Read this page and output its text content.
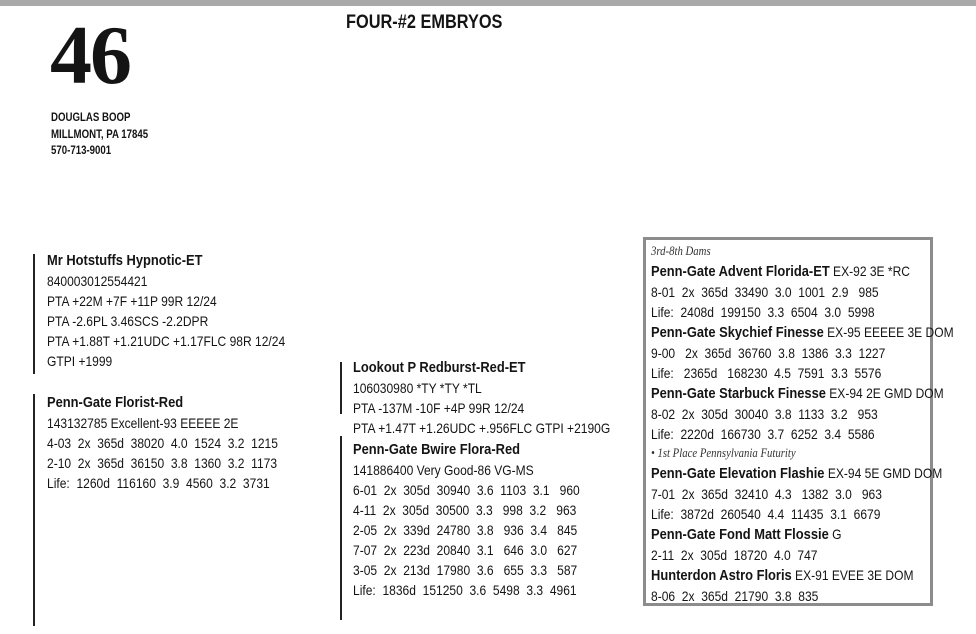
46	FOUR-#2 EMBRYOS
DOUGLAS BOOP
MILLMONT, PA 17845
570-713-9001
Mr Hotstuffs Hypnotic-ET
840003012554421
PTA +22M +7F +11P 99R 12/24
PTA -2.6PL 3.46SCS -2.2DPR
PTA +1.88T +1.21UDC +1.17FLC 98R 12/24
GTPI +1999
Penn-Gate Florist-Red
143132785 Excellent-93 EEEEE 2E
4-03  2x  365d  38020  4.0  1524  3.2  1215
2-10  2x  365d  36150  3.8  1360  3.2  1173
Life:  1260d  116160  3.9  4560  3.2  3731
Lookout P Redburst-Red-ET
106030980 *TY *TY *TL
PTA -137M -10F +4P 99R 12/24
PTA +1.47T +1.26UDC +.956FLC GTPI +2190G
Penn-Gate Bwire Flora-Red
141886400 Very Good-86 VG-MS
6-01  2x  305d  30940  3.6  1103  3.1   960
4-11  2x  305d  30500  3.3   998  3.2   963
2-05  2x  339d  24780  3.8   936  3.4   845
7-07  2x  223d  20840  3.1   646  3.0   627
3-05  2x  213d  17980  3.6   655  3.3   587
Life:  1836d  151250  3.6  5498  3.3  4961
3rd-8th Dams
Penn-Gate Advent Florida-ET EX-92 3E *RC
8-01  2x  365d  33490  3.0  1001  2.9   985
Life:  2408d  199150  3.3  6504  3.0  5998
Penn-Gate Skychief Finesse EX-95 EEEEE 3E DOM
9-00   2x  365d  36760  3.8  1386  3.3  1227
Life:   2365d   168230  4.5  7591  3.3  5576
Penn-Gate Starbuck Finesse EX-94 2E GMD DOM
8-02  2x  305d  30040  3.8  1133  3.2   953
Life:  2220d  166730  3.7  6252  3.4  5586
• 1st Place Pennsylvania Futurity
Penn-Gate Elevation Flashie EX-94 5E GMD DOM
7-01  2x  365d  32410  4.3   1382  3.0   963
Life:  3872d  260540  4.4  11435  3.1  6679
Penn-Gate Fond Matt Flossie G
2-11  2x  305d  18720  4.0  747
Hunterdon Astro Floris EX-91 EVEE 3E DOM
8-06  2x  365d  21790  3.8  835
